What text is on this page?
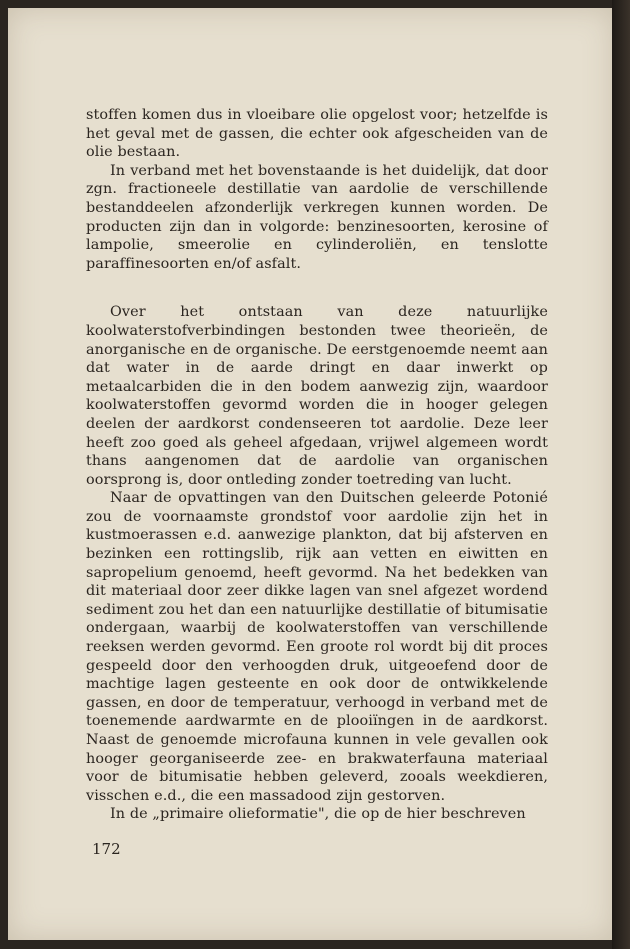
stoffen komen dus in vloeibare olie opgelost voor; hetzelfde is het geval met de gassen, die echter ook afgescheiden van de olie bestaan.

In verband met het bovenstaande is het duidelijk, dat door zgn. fractioneele destillatie van aardolie de verschillende bestanddeelen afzonderlijk verkregen kunnen worden. De producten zijn dan in volgorde: benzinesoorten, kerosine of lampolie, smeerolie en cylinderoliën, en tenslotte paraffinesoorten en/of asfalt.

Over het ontstaan van deze natuurlijke koolwaterstofverbindingen bestonden twee theorieën, de anorganische en de organische. De eerstgenoemde neemt aan dat water in de aarde dringt en daar inwerkt op metaalcarbiden die in den bodem aanwezig zijn, waardoor koolwaterstoffen gevormd worden die in hooger gelegen deelen der aardkorst condenseeren tot aardolie. Deze leer heeft zoo goed als geheel afgedaan, vrijwel algemeen wordt thans aangenomen dat de aardolie van organischen oorsprong is, door ontleding zonder toetreding van lucht.

Naar de opvattingen van den Duitschen geleerde Potonié zou de voornaamste grondstof voor aardolie zijn het in kustmoerassen e.d. aanwezige plankton, dat bij afsterven en bezinken een rottingslib, rijk aan vetten en eiwitten en sapropelium genoemd, heeft gevormd. Na het bedekken van dit materiaal door zeer dikke lagen van snel afgezet wordend sediment zou het dan een natuurlijke destillatie of bitumisatie ondergaan, waarbij de koolwaterstoffen van verschillende reeksen werden gevormd. Een groote rol wordt bij dit proces gespeeld door den verhoogden druk, uitgeoefend door de machtige lagen gesteente en ook door de ontwikkelende gassen, en door de temperatuur, verhoogd in verband met de toenemende aardwarmte en de plooiïngen in de aardkorst. Naast de genoemde microfauna kunnen in vele gevallen ook hooger georganiseerde zee- en brakwaterfauna materiaal voor de bitumisatie hebben geleverd, zooals weekdieren, visschen e.d., die een massadood zijn gestorven.

In de „primaire olieformatie", die op de hier beschreven

172
